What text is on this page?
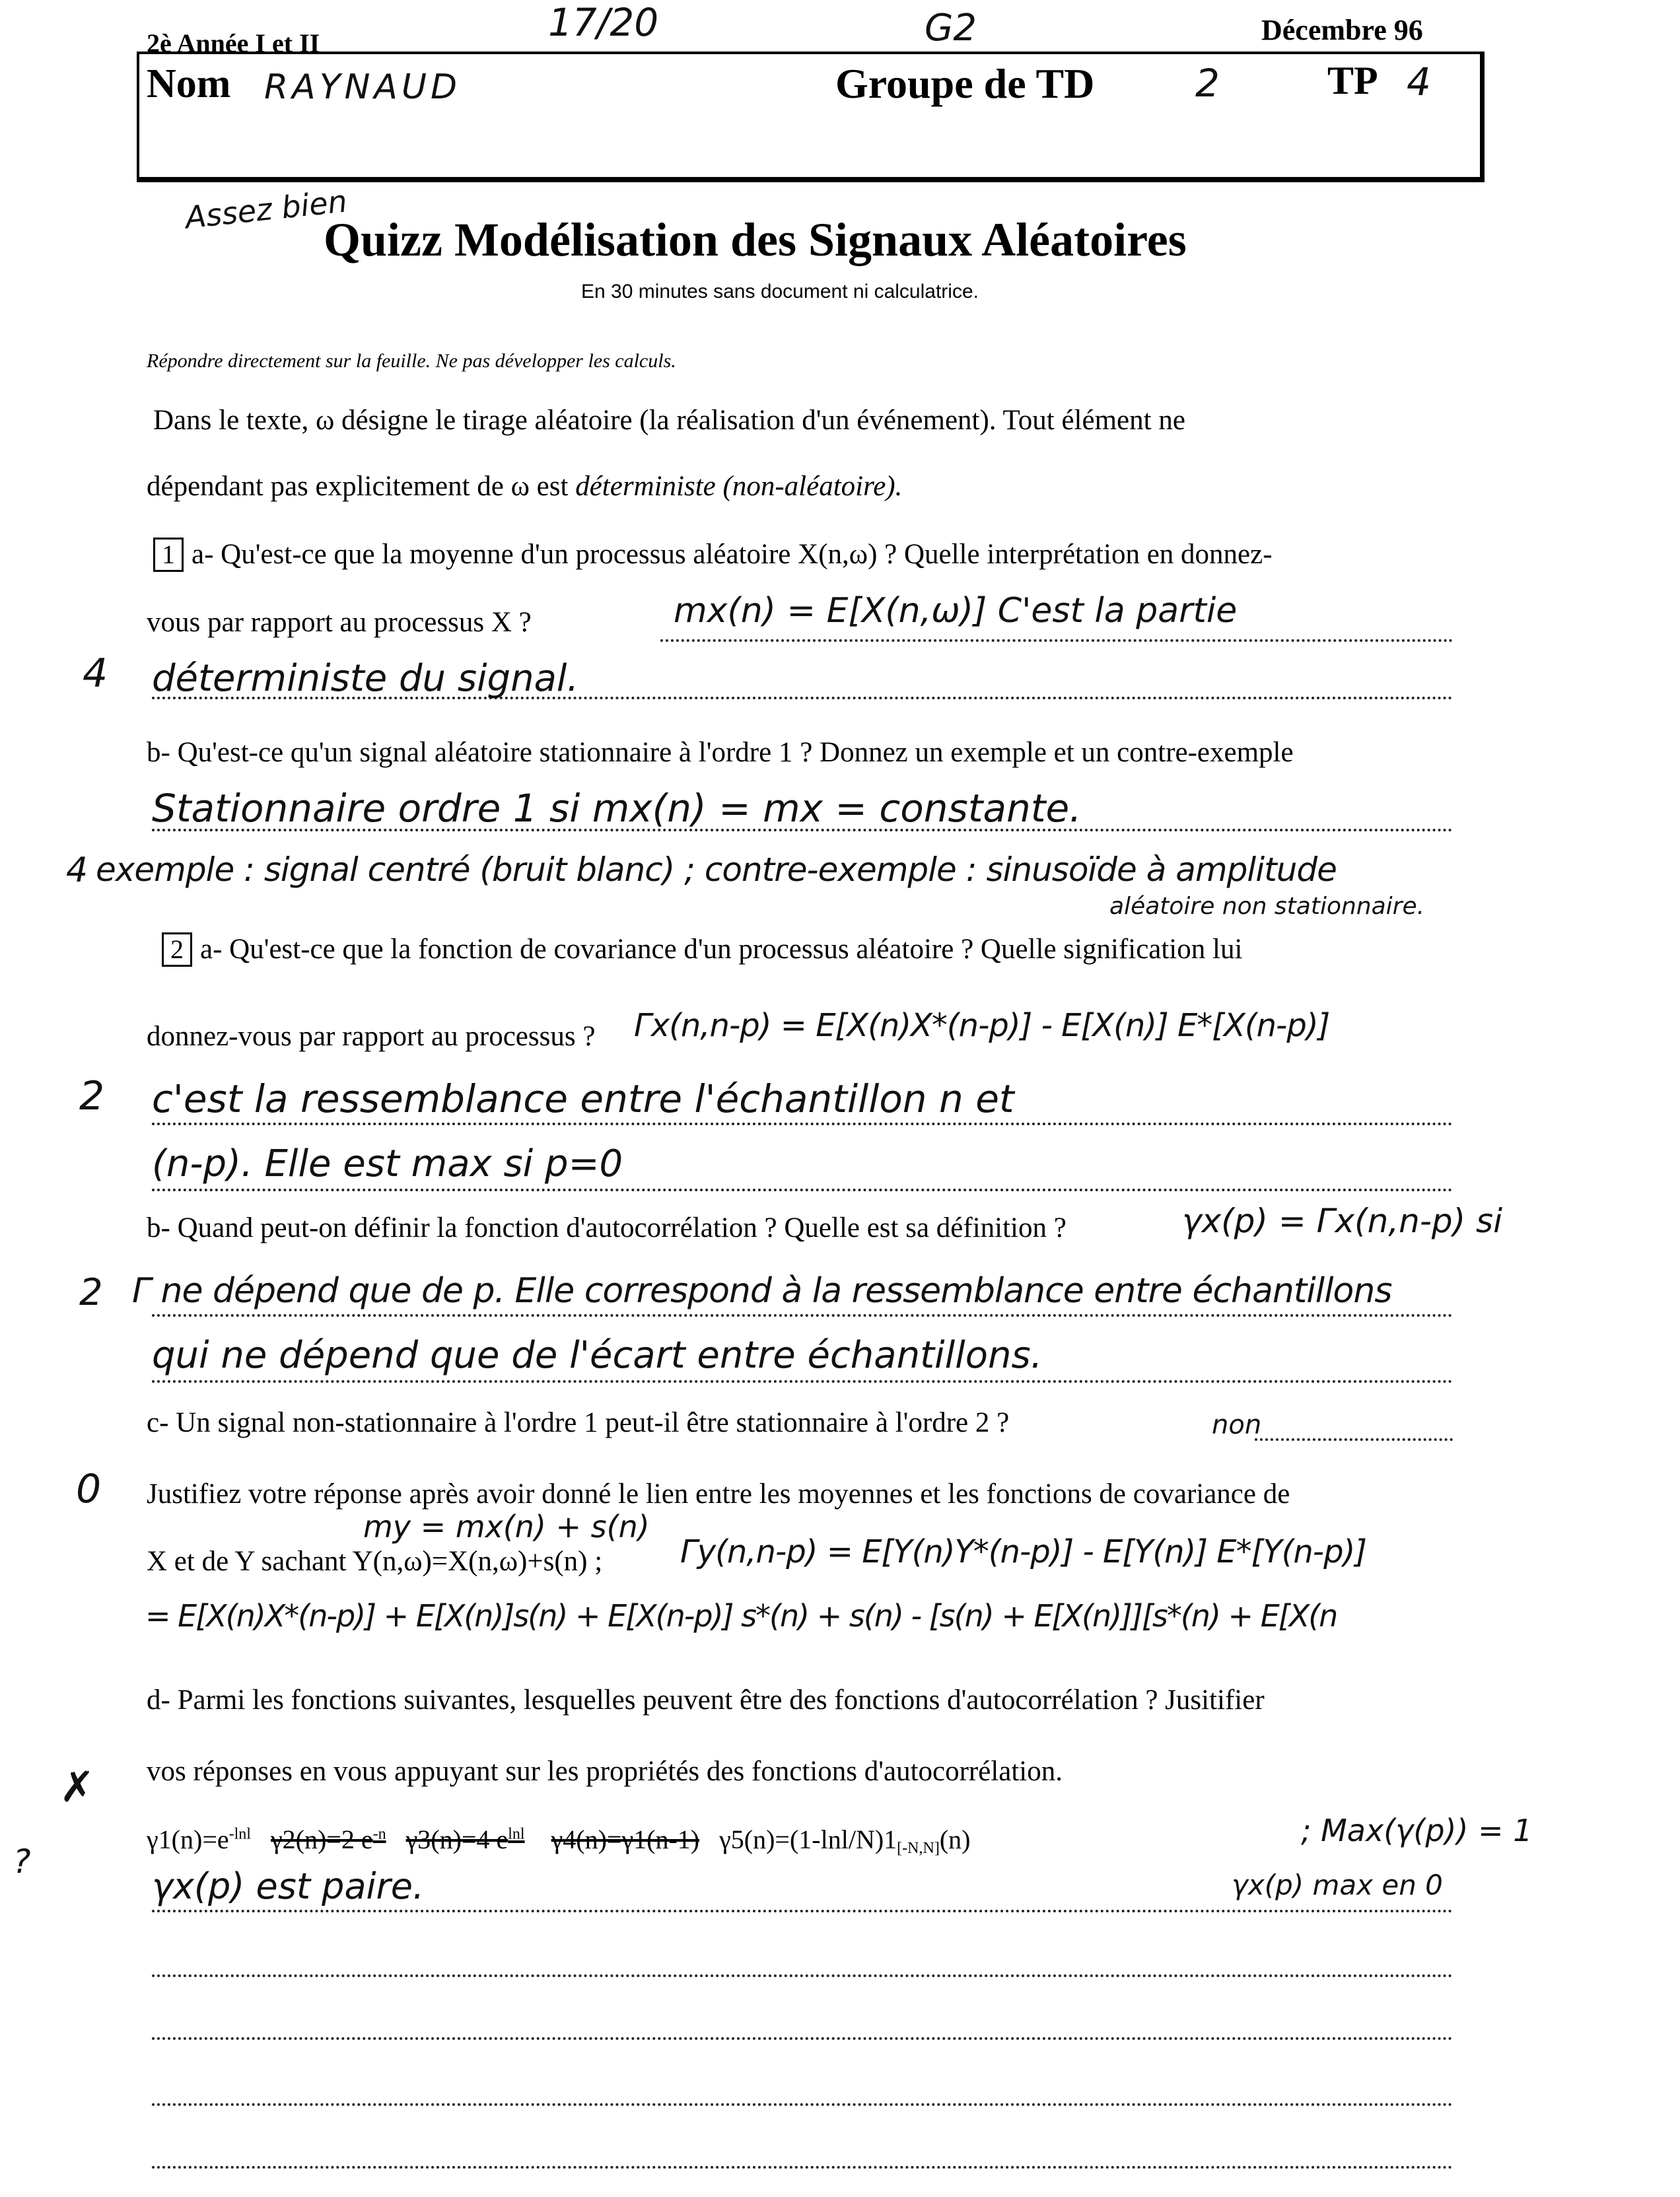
2è Année I et II	17/20	G2	Décembre 96
Nom RAYNAUD	Groupe de TD	2	TP 4
Assez bien
Quizz Modélisation des Signaux Aléatoires
En 30 minutes sans document ni calculatrice.
Répondre directement sur la feuille. Ne pas développer les calculs.
Dans le texte, ω désigne le tirage aléatoire (la réalisation d'un événement). Tout élément ne
dépendant pas explicitement de ω est déterministe (non-aléatoire).
1 a- Qu'est-ce que la moyenne d'un processus aléatoire X(n,ω) ? Quelle interprétation en donnez-
vous par rapport au processus X ?	mx(n) = E[X(n,ω)] C'est la partie
4 déterministe du signal.
b- Qu'est-ce qu'un signal aléatoire stationnaire à l'ordre 1 ? Donnez un exemple et un contre-exemple
Stationnaire ordre 1 si mx(n) = mx = constante.
4 exemple : signal centré (bruit blanc) ; contre-exemple : sinusoïde à amplitude
aléatoire non stationnaire.
2 a- Qu'est-ce que la fonction de covariance d'un processus aléatoire ? Quelle signification lui
donnez-vous par rapport au processus ? Γx(n,n-p) = E[X(n)X*(n-p)] - E[X(n)] E*[X(n-p)]
2 c'est la ressemblance entre l'échantillon n et
(n-p). Elle est max si p=0
b- Quand peut-on définir la fonction d'autocorrélation ? Quelle est sa définition ?	γx(p) = Γx(n,n-p) si
2 Γ ne dépend que de p. Elle correspond à la ressemblance entre échantillons
qui ne dépend que de l'écart entre échantillons.
c- Un signal non-stationnaire à l'ordre 1 peut-il être stationnaire à l'ordre 2 ?	non
0 Justifiez votre réponse après avoir donné le lien entre les moyennes et les fonctions de covariance de
my = mx(n) + s(n)
X et de Y sachant Y(n,ω)=X(n,ω)+s(n) ; Γy(n,n-p) = E[Y(n)Y*(n-p)] - E[Y(n)] E*[Y(n-p)]
= E[X(n)X*(n-p)] + E[X(n)]s(n) + E[X(n-p)] s*(n) + s(n) - [s(n) + E[X(n)]][s*(n) + E[X(n
d- Parmi les fonctions suivantes, lesquelles peuvent être des fonctions d'autocorrélation ? Jusitifier
vos réponses en vous appuyant sur les propriétés des fonctions d'autocorrélation.
✗
?
$\gamma 1(n)=e^{-lnl}$ γ2(n)=2 $e^{-n}$ γ3(n)=4 $e^{lnl}$ γ4(n)=γ1(n-1) $\gamma 5(n)=(1-\ln l/N)1_{[-N,N]}(n)$	; Max(γ(p)) = 1
γx(p) est paire.	γx(p) max en 0
